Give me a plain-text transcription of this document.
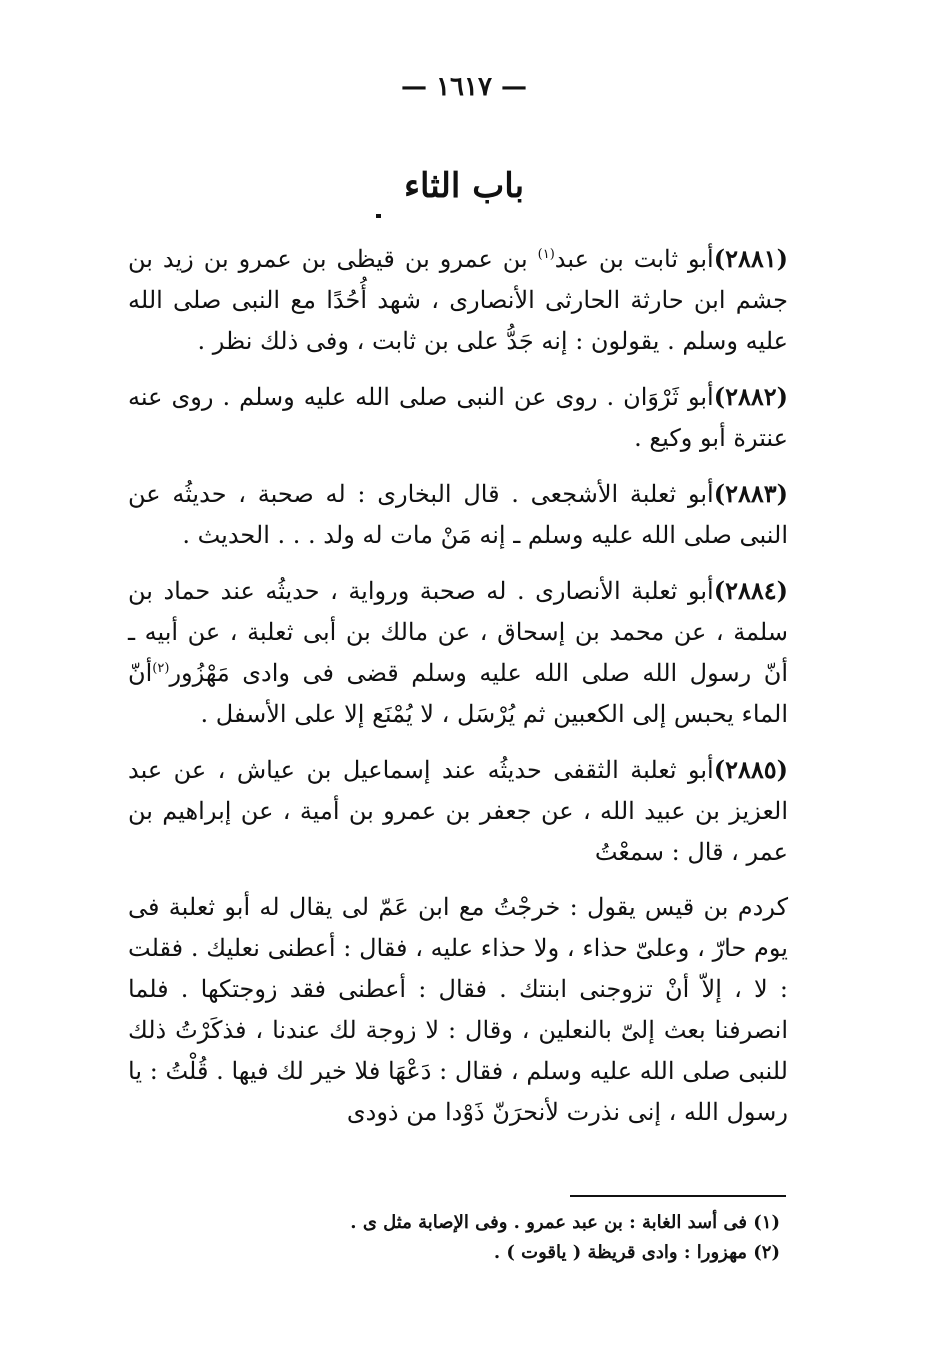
— ١٦١٧ —
باب الثاء

(٢٨٨١)أبو ثابت بن عبد$^{(١)}$ بن عمرو بن قيظى بن عمرو بن زيد بن جشم ابن حارثة الحارثى الأنصارى ، شهد أُحُدًا مع النبى صلى الله عليه وسلم . يقولون : إنه جَدُّ على بن ثابت ، وفى ذلك نظر .

(٢٨٨٢)أبو ثَرْوَان . روى عن النبى صلى الله عليه وسلم . روى عنه عنترة أبو وكيع .

(٢٨٨٣)أبو ثعلبة الأشجعى . قال البخارى : له صحبة ، حديثُه عن النبى صلى الله عليه وسلم ـ إنه مَنْ مات له ولد . . . الحديث .

(٢٨٨٤)أبو ثعلبة الأنصارى . له صحبة ورواية ، حديثُه عند حماد بن سلمة ، عن محمد بن إسحاق ، عن مالك بن أبى ثعلبة ، عن أبيه ـ أنّ رسول الله صلى الله عليه وسلم قضى فى وادى مَهْزُور$^{(٢)}$أنّ الماء يحبس إلى الكعبين ثم يُرْسَل ، لا يُمْنَع إلا على الأسفل .

(٢٨٨٥)أبو ثعلبة الثقفى حديثُه عند إسماعيل بن عياش ، عن عبد العزيز بن عبيد الله ، عن جعفر بن عمرو بن أمية ، عن إبراهيم بن عمر ، قال : سمعْتُ

كردم بن قيس يقول : خرجْتُ مع ابن عَمّ لى يقال له أبو ثعلبة فى يوم حارّ ، وعلىّ حذاء ، ولا حذاء عليه ، فقال : أعطنى نعليك . فقلت : لا ، إلاّ أنْ تزوجنى ابنتك . فقال : أعطنى فقد زوجتكها . فلما انصرفنا بعث إلىّ بالنعلين ، وقال : لا زوجة لك عندنا ، فذكَرْتُ ذلك للنبى صلى الله عليه وسلم ، فقال : دَعْهَا فلا خير لك فيها . قُلْتُ : يا رسول الله ، إنى نذرت لأنحرَنّ ذَوْدا من ذودى

(١) فى أسد الغابة : بن عبد عمرو . وفى الإصابة مثل ى .

(٢) مهزورا : وادى قريظة ( ياقوت ) .
